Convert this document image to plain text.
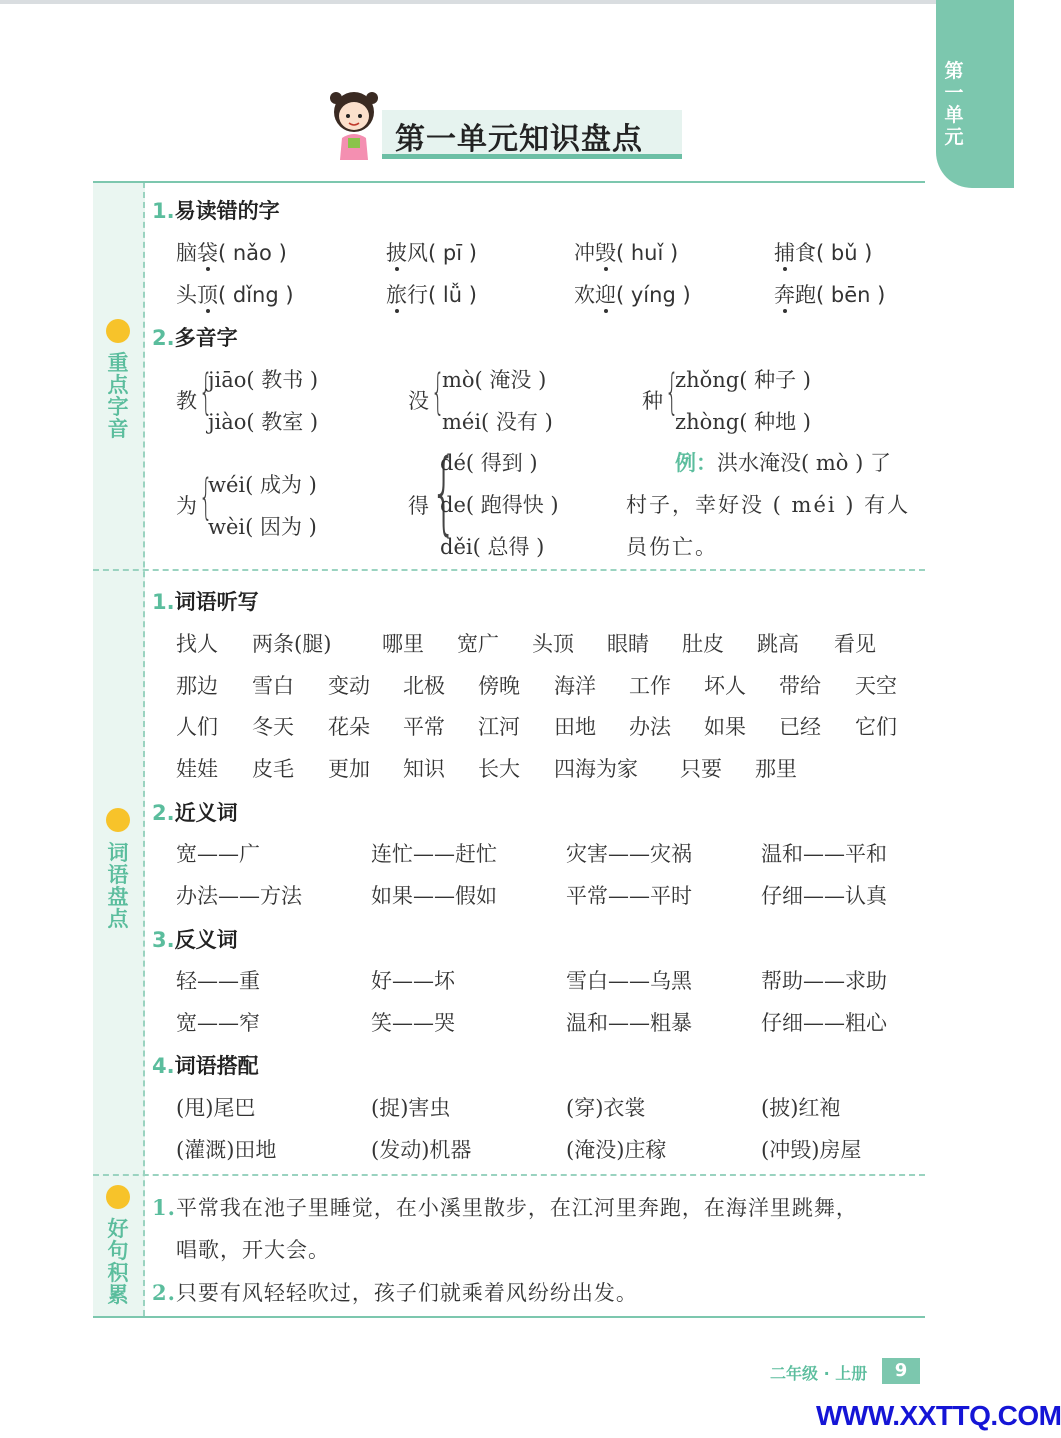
第一单元
第一单元知识盘点
重点字音
词语盘点
好句积累
1.易读错的字
脑袋( nǎo )	披风( pī )	冲毁( huǐ )	捕食( bǔ )
头顶( dǐng )	旅行( lǚ )	欢迎( yíng )	奔跑( bēn )
2.多音字
教 {
jiāo( 教书 )
jiào( 教室 )
没 {
mò( 淹没 )
méi( 没有 )
种 {
zhǒng( 种子 )
zhòng( 种地 )
为 {
wéi( 成为 )
wèi( 因为 )
得 {
dé( 得到 )
de( 跑得快 )
děi( 总得 )
例：洪水淹没( mò ) 了
村子，幸好没 ( méi ) 有人
员伤亡。
1.词语听写
找人 两条(腿) 哪里 宽广 头顶 眼睛 肚皮 跳高 看见
那边 雪白 变动 北极 傍晚 海洋 工作 坏人 带给 天空
人们 冬天 花朵 平常 江河 田地 办法 如果 已经 它们
娃娃 皮毛 更加 知识 长大 四海为家 只要 那里
2.近义词
宽——广	连忙——赶忙	灾害——灾祸	温和——平和
办法——方法	如果——假如	平常——平时	仔细——认真
3.反义词
轻——重	好——坏	雪白——乌黑	帮助——求助
宽——窄	笑——哭	温和——粗暴	仔细——粗心
4.词语搭配
(甩)尾巴	(捉)害虫	(穿)衣裳	(披)红袍
(灌溉)田地	(发动)机器	(淹没)庄稼	(冲毁)房屋
1.平常我在池子里睡觉，在小溪里散步，在江河里奔跑，在海洋里跳舞，
唱歌，开大会。
2.只要有风轻轻吹过，孩子们就乘着风纷纷出发。
二年级 · 上册	9
WWW.XXTTQ.COM
